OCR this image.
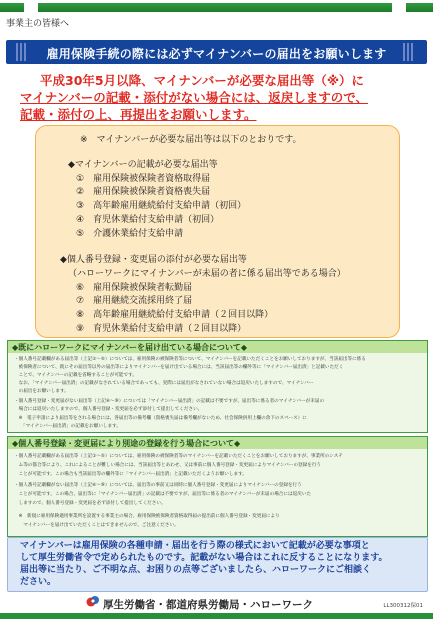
事業主の皆様へ
雇用保険手続の際には必ずマイナンバーの届出をお願いします
平成30年5月以降、マイナンバーが必要な届出等（※）に
マイナンバーの記載・添付がない場合には、返戻しますので、
記載・添付の上、再提出をお願いします。
※　マイナンバーが必要な届出等は以下のとおりです。
◆マイナンバーの記載が必要な届出等
①　雇用保険被保険者資格取得届
②　雇用保険被保険者資格喪失届
③　高年齢雇用継続給付支給申請（初回）
④　育児休業給付支給申請（初回）
⑤　介護休業給付支給申請
◆個人番号登録・変更届の添付が必要な届出等
（ハローワークにマイナンバーが未届の者に係る届出等である場合）
⑥　雇用保険被保険者転勤届
⑦　雇用継続交流採用終了届
⑧　高年齢雇用継続給付支給申請（２回目以降）
⑨　育児休業給付支給申請（２回目以降）
◆既にハローワークにマイナンバーを届け出ている場合について◆
・個人番号記載欄がある届出等（上記①～⑤）については、雇用保険の被保険者等について、マイナンバーを記載いただくことをお願いしておりますが、当該届出等に係る
　被保険者について、既にその届出等以外の届出等によりマイナンバーを届け出ている場合には、当該届出等の欄外等に「マイナンバー届出済」と記載いただく
　ことで、マイナンバーの記載を省略することが可能です。
　なお、「マイナンバー届出済」の記載がなされている場合であっても、実際には届出がなされていない場合は返戻いたしますので、マイナンバー
　の届出をお願いします。
・個人番号登録・変更届がない届出等（上記⑥～⑨）については「マイナンバー届出済」の記載は不要ですが、届出等に係る者のマイナンバーが未届の
　場合には返戻いたしますので、個人番号登録・変更届を必ず添付して提出してください。
　※　電子申請により届出等をされる場合には、各届出等の備考欄（資格喪失届は備考欄がないため、社会保険併用上欄の余下のスペース）に
　　「マイナンバー届出済」の記載をお願いします。
◆個人番号登録・変更届により別途の登録を行う場合について◆
・個人番号記載欄がある届出等（上記①～⑤）については、雇用保険の被保険者等のマイナンバーを記載いただくことをお願いしておりますが、事業所のシステ
　ム等の都合等により、これによることが難しい場合には、当該届出等とあわせ、又は事前に個人番号登録・変更届によりマイナンバーの登録を行う
　ことが可能です。この場合も当該届出等の欄外等に「マイナンバー届出済」と記載いただくようお願いします。
・個人番号記載欄がない届出等（上記⑥～⑨）については、届出等の事前又は同時に個人番号登録・変更届によりマイナンバーの登録を行う
　ことが可能です。この場合、届出等に「マイナンバー届出済」の記載は不要ですが、届出等に係る者のマイナンバーが未届の場合には返戻いた
　しますので、個人番号登録・変更届を必ず添付して提出してください。
　※　新規に雇用保険適用事業所を設置する事業主の場合、雇用保険被保険者資格取得届の提出前に個人番号登録・変更届により
　　マイナンバーを届け出ていただくことはできませんので、ご注意ください。
マイナンバーは雇用保険の各種申請・届出を行う際の様式において記載が必要な事項と
して厚生労働省令で定められたものです。記載がない場合はこれに反することになります。
届出等に当たり、ご不明な点、お困りの点等ございましたら、ハローワークにご相談く
ださい。
厚生労働省・都道府県労働局・ハローワーク	LL300312保01
